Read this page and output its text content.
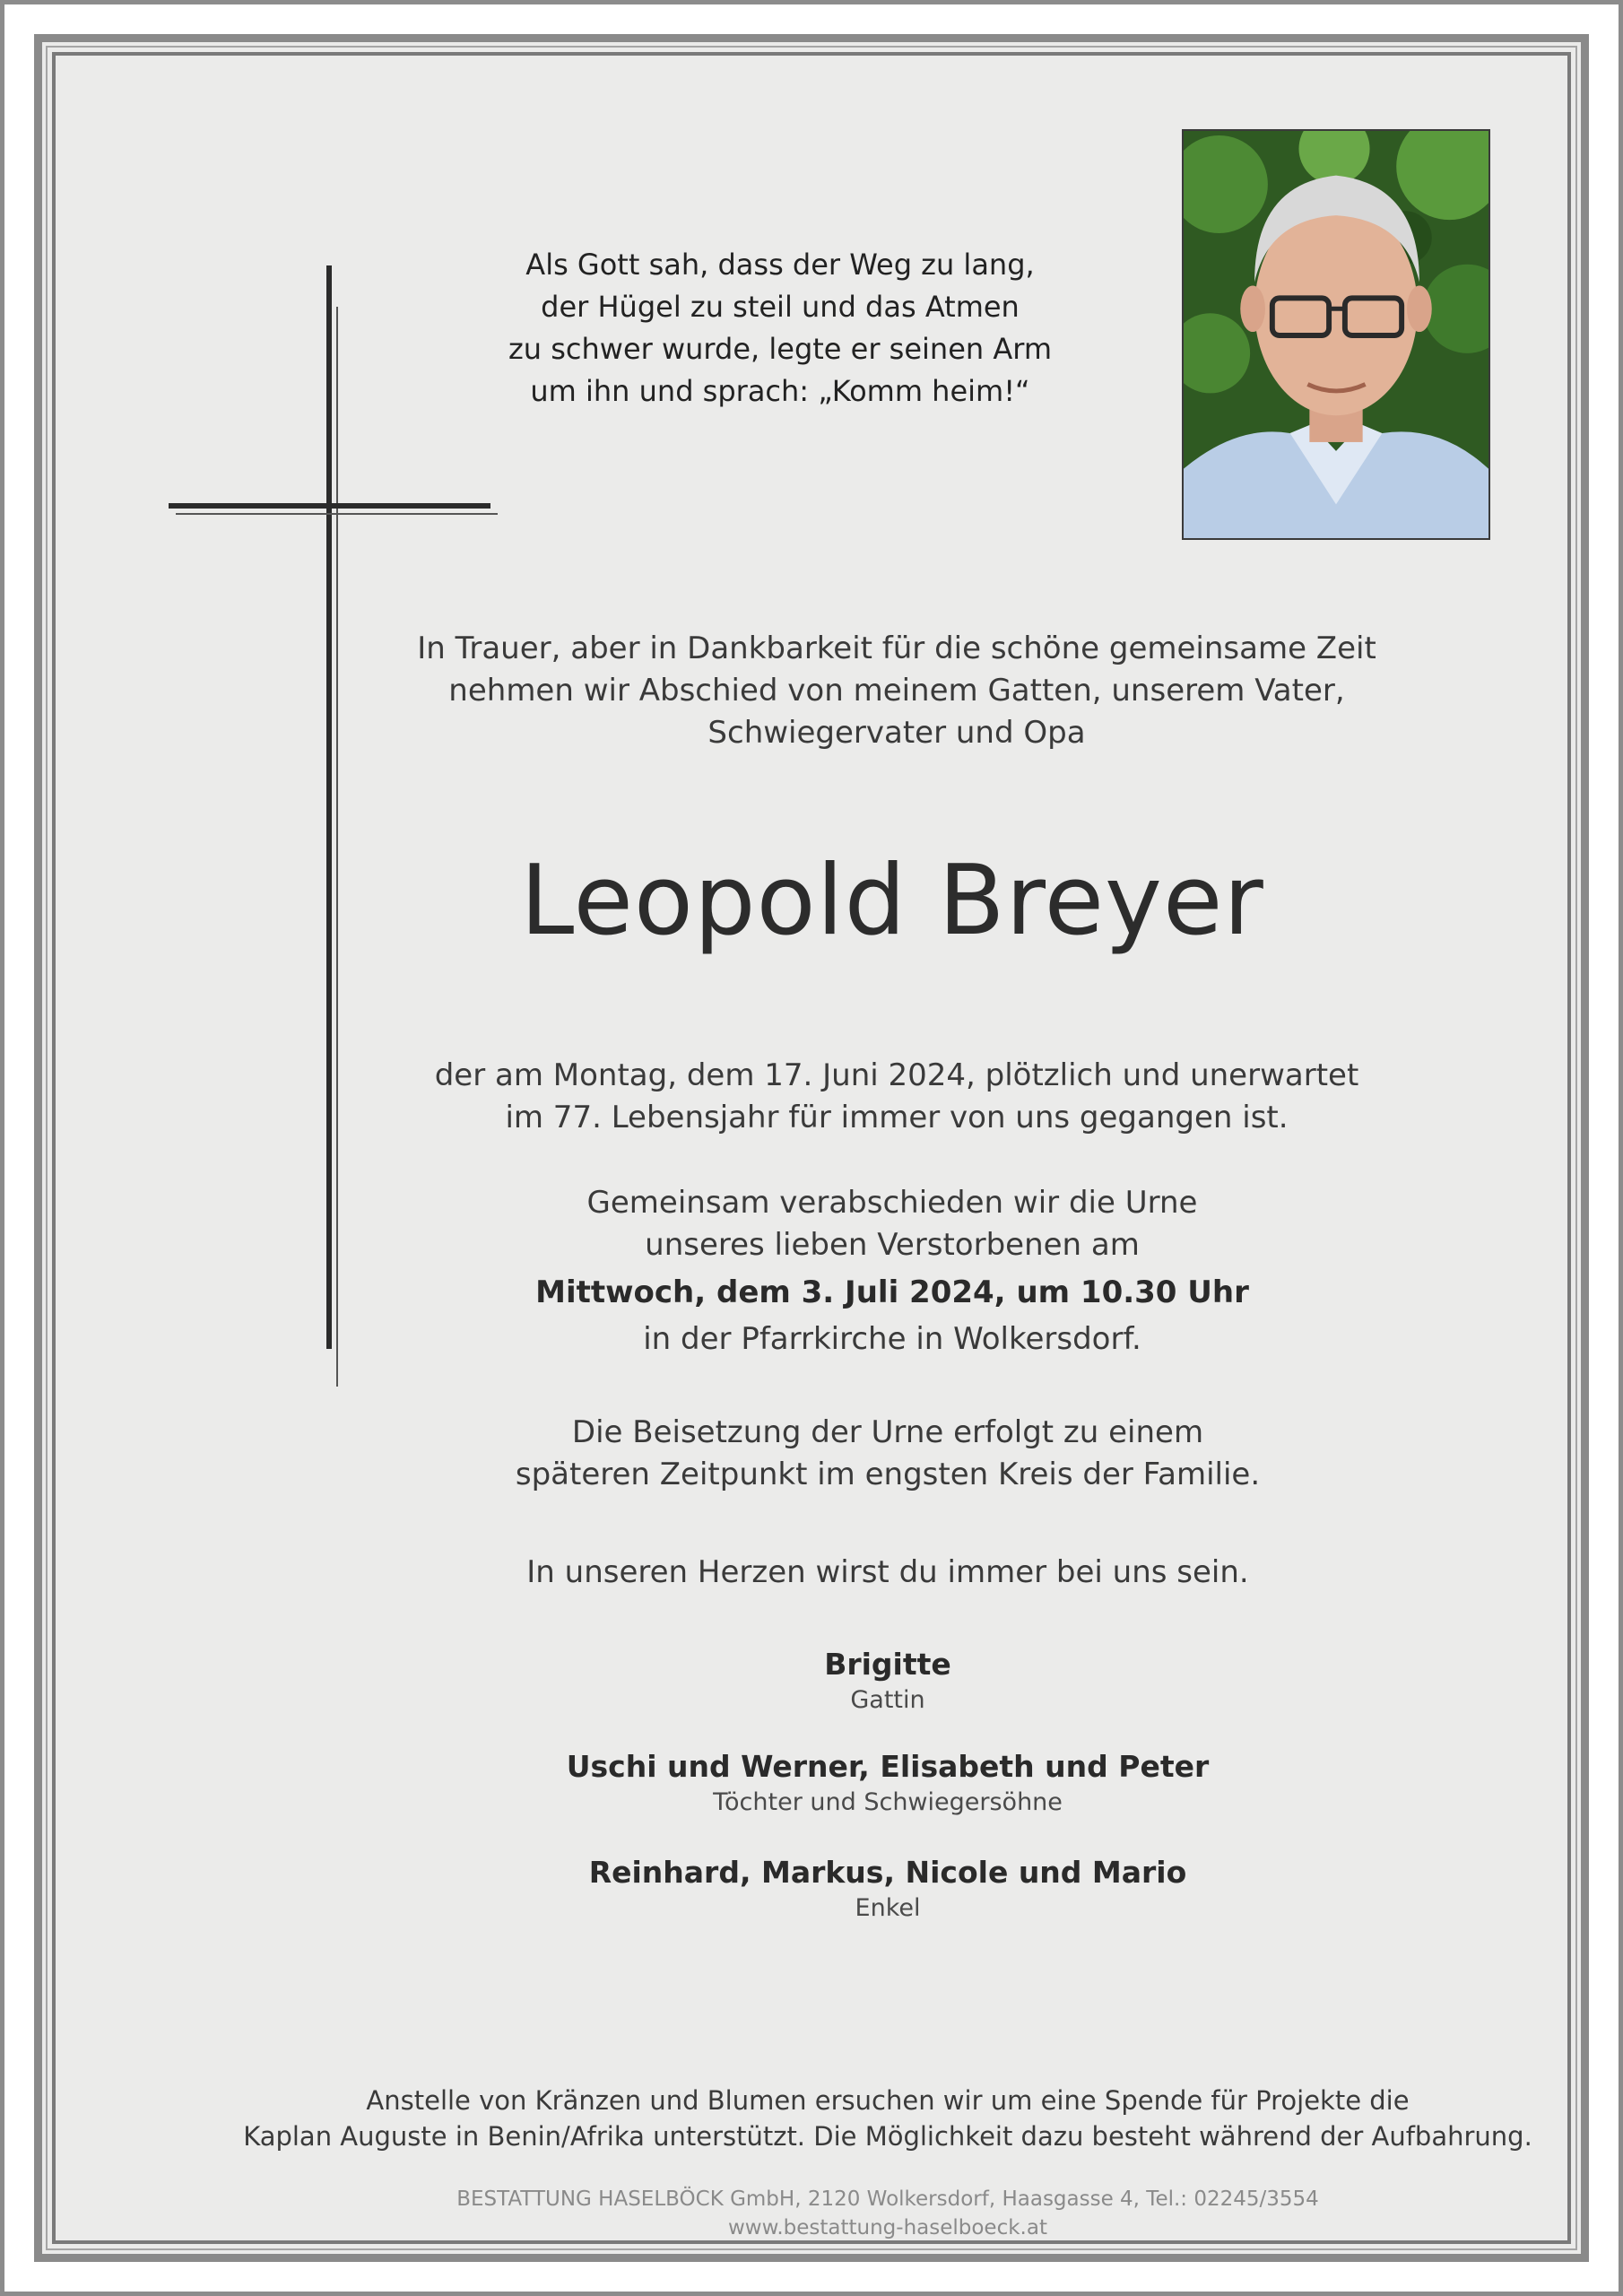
Als Gott sah, dass der Weg zu lang,
der Hügel zu steil und das Atmen
zu schwer wurde, legte er seinen Arm
um ihn und sprach: „Komm heim!“
In Trauer, aber in Dankbarkeit für die schöne gemeinsame Zeit
nehmen wir Abschied von meinem Gatten, unserem Vater,
Schwiegervater und Opa
Leopold Breyer
der am Montag, dem 17. Juni 2024, plötzlich und unerwartet
im 77. Lebensjahr für immer von uns gegangen ist.
Gemeinsam verabschieden wir die Urne
unseres lieben Verstorbenen am
Mittwoch, dem 3. Juli 2024, um 10.30 Uhr
in der Pfarrkirche in Wolkersdorf.
Die Beisetzung der Urne erfolgt zu einem
späteren Zeitpunkt im engsten Kreis der Familie.
In unseren Herzen wirst du immer bei uns sein.
Brigitte
Gattin
Uschi und Werner, Elisabeth und Peter
Töchter und Schwiegersöhne
Reinhard, Markus, Nicole und Mario
Enkel
Anstelle von Kränzen und Blumen ersuchen wir um eine Spende für Projekte die
Kaplan Auguste in Benin/Afrika unterstützt. Die Möglichkeit dazu besteht während der Aufbahrung.
BESTATTUNG HASELBÖCK GmbH, 2120 Wolkersdorf, Haasgasse 4, Tel.: 02245/3554
www.bestattung-haselboeck.at
